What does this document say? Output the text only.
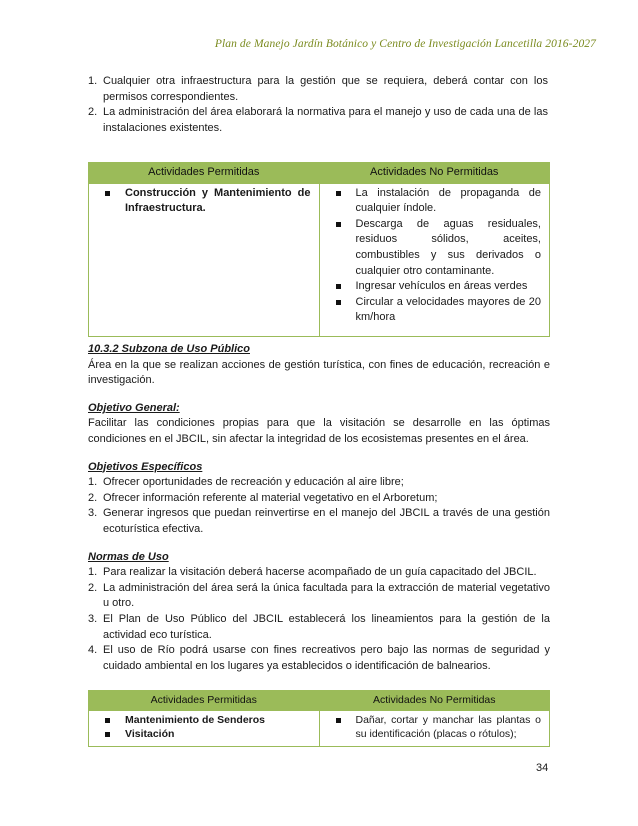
Plan de Manejo Jardín Botánico y Centro de Investigación Lancetilla 2016-2027
1. Cualquier otra infraestructura para la gestión que se requiera, deberá contar con los permisos correspondientes.
2. La administración del área elaborará la normativa para el manejo y uso de cada una de las instalaciones existentes.
Actividades Permitidas	Actividades No Permitidas

Construcción y Mantenimiento de Infraestructura.	La instalación de propaganda de cualquier índole.
Descarga de aguas residuales, residuos sólidos, aceites, combustibles y sus derivados o cualquier otro contaminante.
Ingresar vehículos en áreas verdes
Circular a velocidades mayores de 20 km/hora
10.3.2 Subzona de Uso Público
Área en la que se realizan acciones de gestión turística, con fines de educación, recreación e investigación.
Objetivo General:
Facilitar las condiciones propias para que la visitación se desarrolle en las óptimas condiciones en el JBCIL, sin afectar la integridad de los ecosistemas presentes en el área.
Objetivos Específicos
1. Ofrecer oportunidades de recreación y educación al aire libre;
2. Ofrecer información referente al material vegetativo en el Arboretum;
3. Generar ingresos que puedan reinvertirse en el manejo del JBCIL a través de una gestión ecoturística efectiva.
Normas de Uso
1. Para realizar la visitación deberá hacerse acompañado de un guía capacitado del JBCIL.
2. La administración del área será la única facultada para la extracción de material vegetativo u otro.
3. El Plan de Uso Público del JBCIL establecerá los lineamientos para la gestión de la actividad eco turística.
4. El uso de Río podrá usarse con fines recreativos pero bajo las normas de seguridad y cuidado ambiental en los lugares ya establecidos o identificación de balnearios.
Actividades Permitidas	Actividades No Permitidas

Mantenimiento de Senderos
Visitación	Dañar, cortar y manchar las plantas o su identificación (placas o rótulos);
34
